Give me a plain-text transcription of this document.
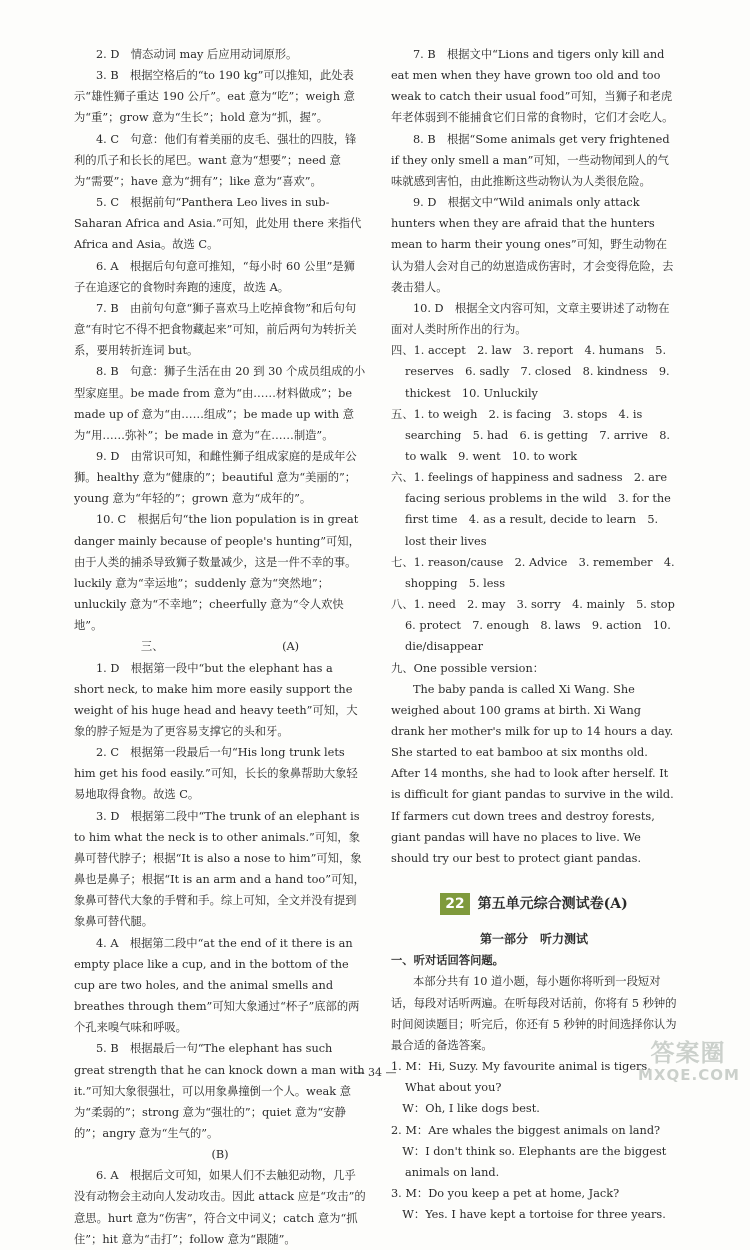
2. D　情态动词 may 后应用动词原形。

3. B　根据空格后的“to 190 kg”可以推知，此处表示“雄性狮子重达 190 公斤”。eat 意为“吃”；weigh 意为“重”；grow 意为“生长”；hold 意为“抓，握”。

4. C　句意：他们有着美丽的皮毛、强壮的四肢，锋利的爪子和长长的尾巴。want 意为“想要”；need 意为“需要”；have 意为“拥有”；like 意为“喜欢”。

5. C　根据前句“Panthera Leo lives in sub-Saharan Africa and Asia.”可知，此处用 there 来指代 Africa and Asia。故选 C。

6. A　根据后句句意可推知，“每小时 60 公里”是狮子在追逐它的食物时奔跑的速度，故选 A。

7. B　由前句句意“狮子喜欢马上吃掉食物”和后句句意“有时它不得不把食物藏起来”可知，前后两句为转折关系，要用转折连词 but。

8. B　句意：狮子生活在由 20 到 30 个成员组成的小型家庭里。be made from 意为“由……材料做成”；be made up of 意为“由……组成”；be made up with 意为“用……弥补”；be made in 意为“在……制造”。

9. D　由常识可知，和雌性狮子组成家庭的是成年公狮。healthy 意为“健康的”；beautiful 意为“美丽的”；young 意为“年轻的”；grown 意为“成年的”。

10. C　根据后句“the lion population is in great danger mainly because of people's hunting”可知，由于人类的捕杀导致狮子数量减少，这是一件不幸的事。luckily 意为“幸运地”；suddenly 意为“突然地”；unluckily 意为“不幸地”；cheerfully 意为“令人欢快地”。

三、　　　　　　　　　　　(A)

1. D　根据第一段中“but the elephant has a short neck, to make him more easily support the weight of his huge head and heavy teeth”可知，大象的脖子短是为了更容易支撑它的头和牙。

2. C　根据第一段最后一句“His long trunk lets him get his food easily.”可知，长长的象鼻帮助大象轻易地取得食物。故选 C。

3. D　根据第二段中“The trunk of an elephant is to him what the neck is to other animals.”可知，象鼻可替代脖子；根据“It is also a nose to him”可知，象鼻也是鼻子；根据“It is an arm and a hand too”可知，象鼻可替代大象的手臂和手。综上可知，全文并没有提到象鼻可替代腿。

4. A　根据第二段中“at the end of it there is an empty place like a cup, and in the bottom of the cup are two holes, and the animal smells and breathes through them”可知大象通过“杯子”底部的两个孔来嗅气味和呼吸。

5. B　根据最后一句“The elephant has such great strength that he can knock down a man with it.”可知大象很强壮，可以用象鼻撞倒一个人。weak 意为“柔弱的”；strong 意为“强壮的”；quiet 意为“安静的”；angry 意为“生气的”。

(B)

6. A　根据后文可知，如果人们不去触犯动物，几乎没有动物会主动向人发动攻击。因此 attack 应是“攻击”的意思。hurt 意为“伤害”，符合文中词义；catch 意为“抓住”；hit 意为“击打”；follow 意为“跟随”。

7. B　根据文中“Lions and tigers only kill and eat men when they have grown too old and too weak to catch their usual food”可知，当狮子和老虎年老体弱到不能捕食它们日常的食物时，它们才会吃人。

8. B　根据“Some animals get very frightened if they only smell a man”可知，一些动物闻到人的气味就感到害怕，由此推断这些动物认为人类很危险。

9. D　根据文中“Wild animals only attack hunters when they are afraid that the hunters mean to harm their young ones”可知，野生动物在认为猎人会对自己的幼崽造成伤害时，才会变得危险，去袭击猎人。

10. D　根据全文内容可知，文章主要讲述了动物在面对人类时所作出的行为。

四、1. accept　2. law　3. report　4. humans　5. reserves　6. sadly　7. closed　8. kindness　9. thickest　10. Unluckily

五、1. to weigh　2. is facing　3. stops　4. is searching　5. had　6. is getting　7. arrive　8. to walk　9. went　10. to work

六、1. feelings of happiness and sadness　2. are facing serious problems in the wild　3. for the first time　4. as a result, decide to learn　5. lost their lives

七、1. reason/cause　2. Advice　3. remember　4. shopping　5. less

八、1. need　2. may　3. sorry　4. mainly　5. stop　6. protect　7. enough　8. laws　9. action　10. die/disappear

九、One possible version：

The baby panda is called Xi Wang. She weighed about 100 grams at birth. Xi Wang drank her mother's milk for up to 14 hours a day. She started to eat bamboo at six months old. After 14 months, she had to look after herself. It is difficult for giant pandas to survive in the wild. If farmers cut down trees and destroy forests, giant pandas will have no places to live. We should try our best to protect giant pandas.

22 第五单元综合测试卷(A)

第一部分　听力测试

一、听对话回答问题。

本部分共有 10 道小题，每小题你将听到一段短对话，每段对话听两遍。在听每段对话前，你将有 5 秒钟的时间阅读题目；听完后，你还有 5 秒钟的时间选择你认为最合适的备选答案。

1. M：Hi, Suzy. My favourite animal is tigers. What about you?

　W：Oh, I like dogs best.

2. M：Are whales the biggest animals on land?

　W：I don't think so. Elephants are the biggest animals on land.

3. M：Do you keep a pet at home, Jack?

　W：Yes. I have kept a tortoise for three years.

— 34 —
答案圈
MXQE.COM
